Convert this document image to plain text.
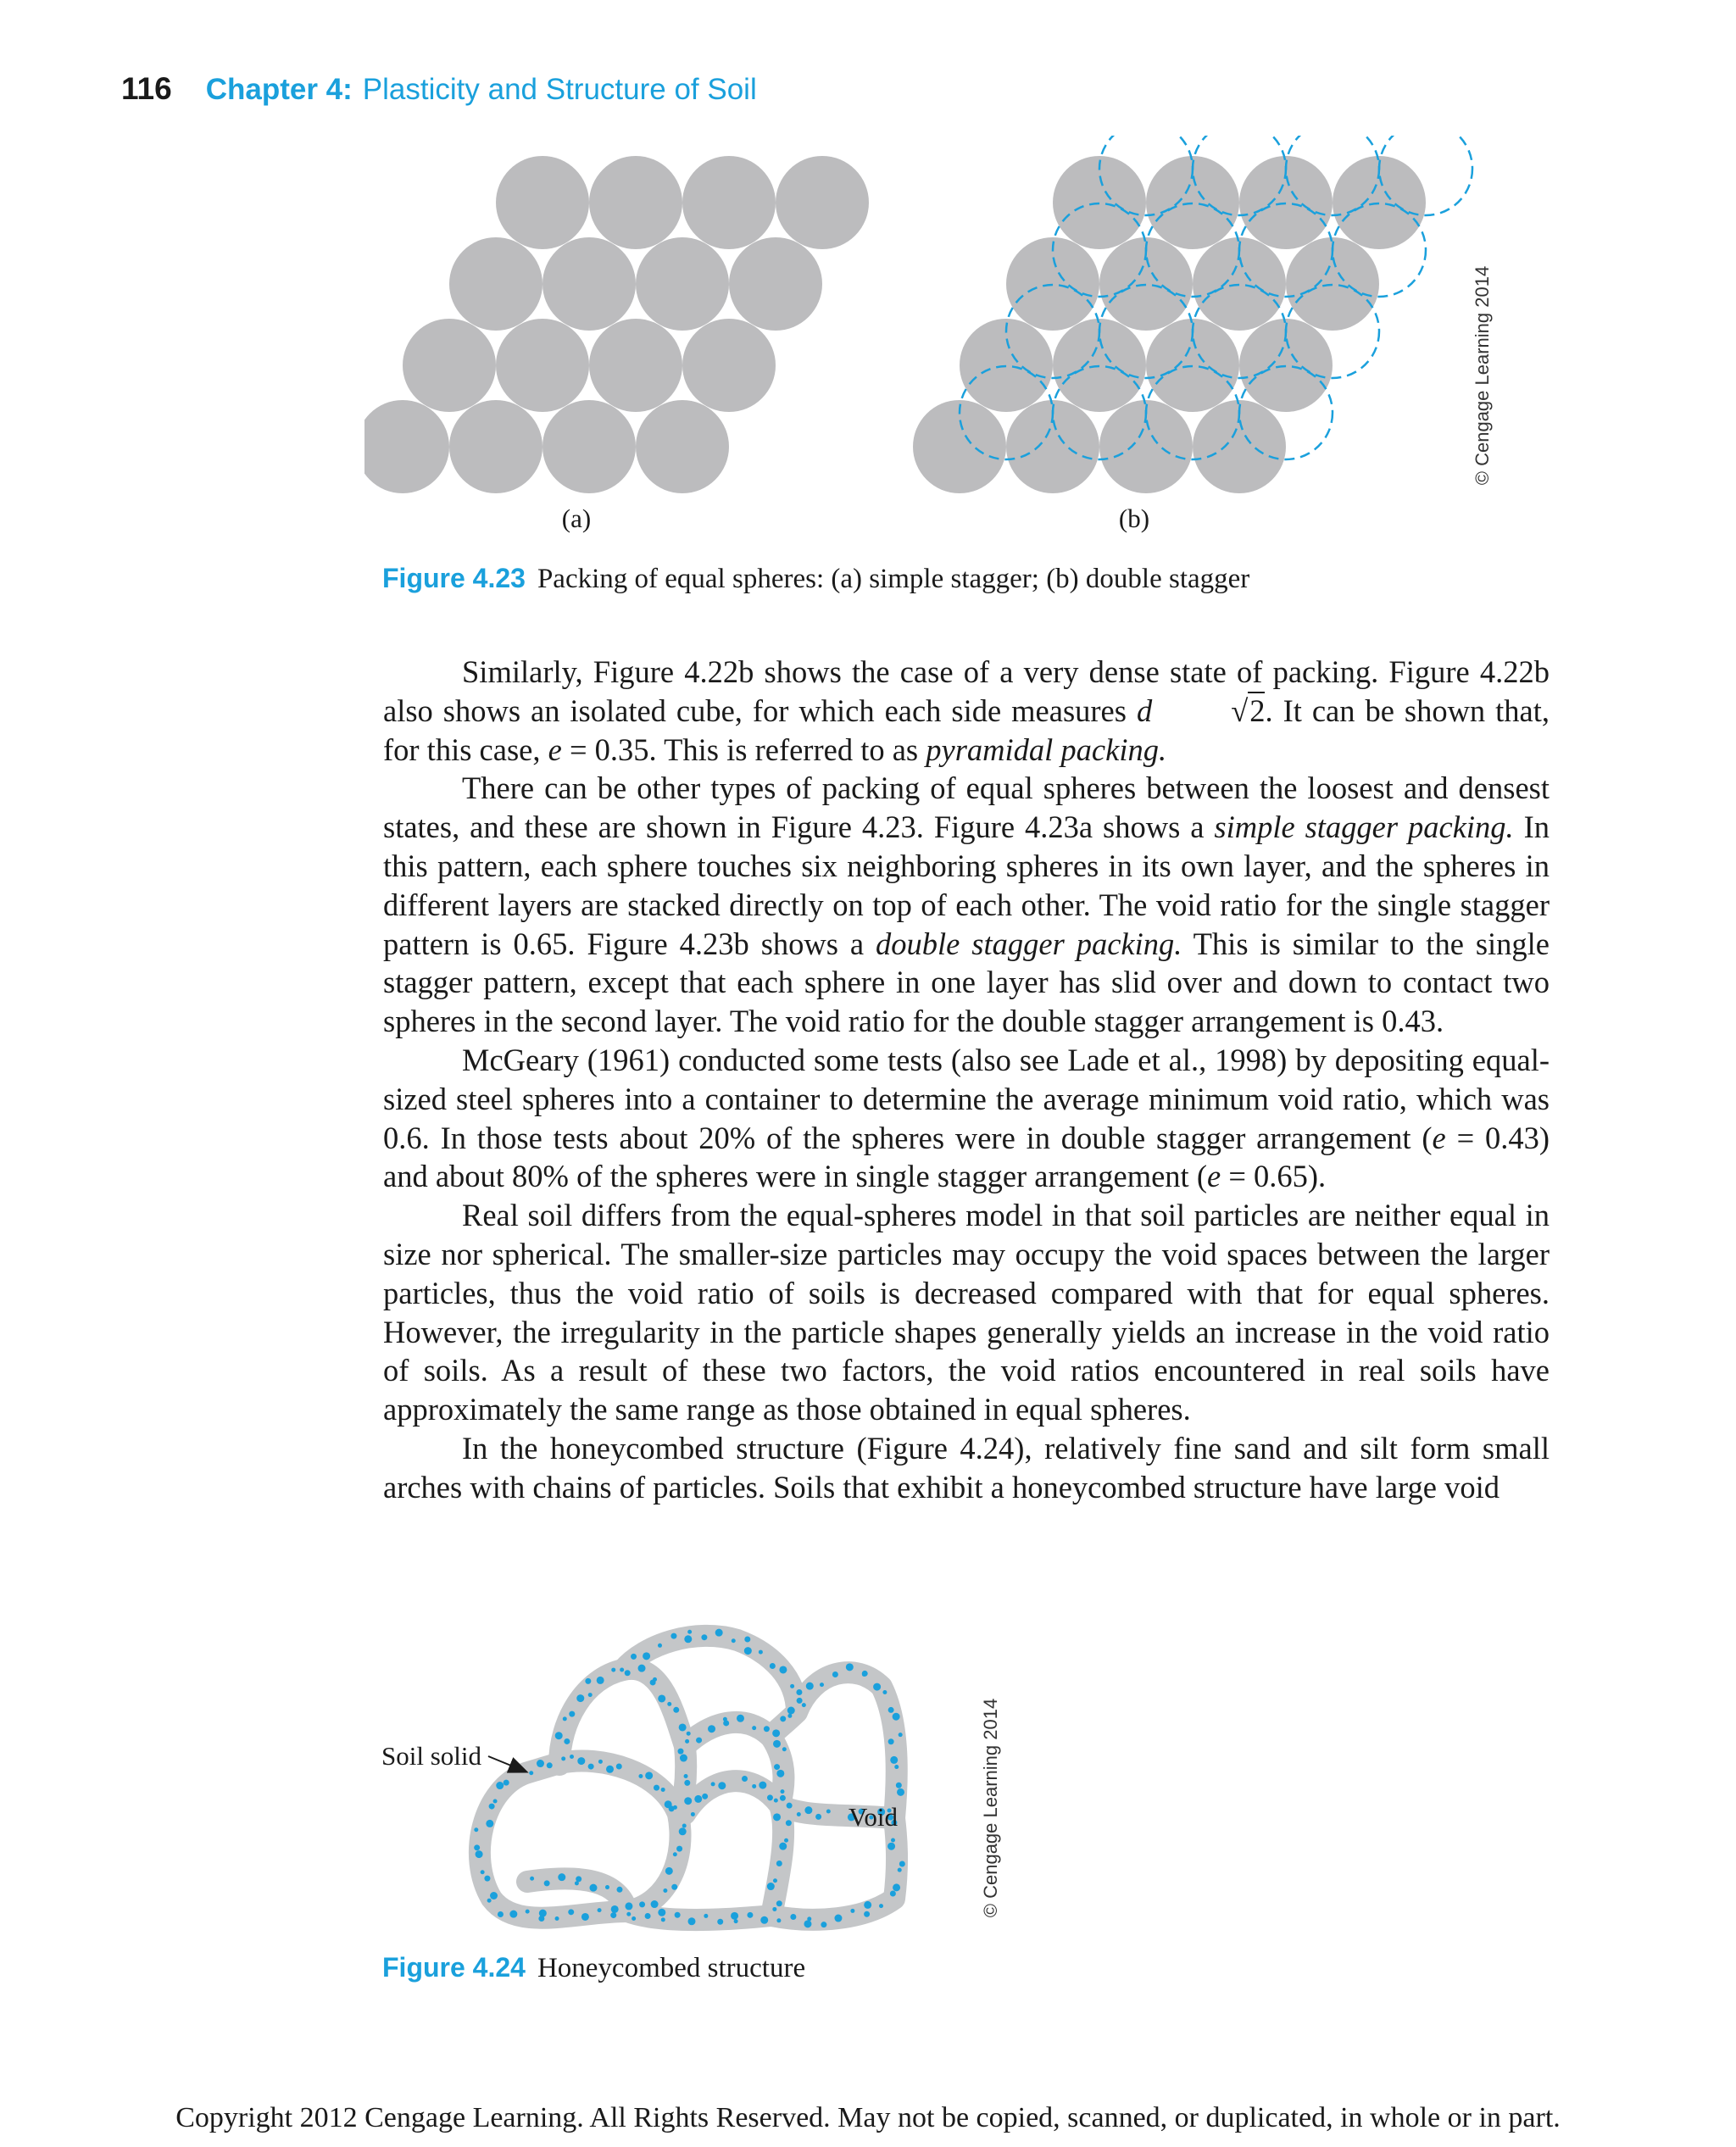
116 Chapter 4: Plasticity and Structure of Soil
(a)	(b)
© Cengage Learning 2014
Figure 4.23 Packing of equal spheres: (a) simple stagger; (b) double stagger

Similarly, Figure 4.22b shows the case of a very dense state of packing. Figure 4.22b also shows an isolated cube, for which each side measures d	√2. It can be shown that, for this case, e = 0.35. This is referred to as pyramidal packing.

There can be other types of packing of equal spheres between the loosest and densest states, and these are shown in Figure 4.23. Figure 4.23a shows a simple stagger packing. In this pattern, each sphere touches six neighboring spheres in its own layer, and the spheres in different layers are stacked directly on top of each other. The void ratio for the single stagger pattern is 0.65. Figure 4.23b shows a double stagger packing. This is similar to the single stagger pattern, except that each sphere in one layer has slid over and down to contact two spheres in the second layer. The void ratio for the double stagger arrangement is 0.43.

McGeary (1961) conducted some tests (also see Lade et al., 1998) by depositing equal-sized steel spheres into a container to determine the average minimum void ratio, which was 0.6. In those tests about 20% of the spheres were in double stagger arrangement (e = 0.43) and about 80% of the spheres were in single stagger arrangement (e = 0.65).

Real soil differs from the equal-spheres model in that soil particles are neither equal in size nor spherical. The smaller-size particles may occupy the void spaces between the larger particles, thus the void ratio of soils is decreased compared with that for equal spheres. However, the irregularity in the particle shapes generally yields an increase in the void ratio of soils. As a result of these two factors, the void ratios encountered in real soils have approximately the same range as those obtained in equal spheres.

In the honeycombed structure (Figure 4.24), relatively fine sand and silt form small arches with chains of particles. Soils that exhibit a honeycombed structure have large void

Soil solid
Void	© Cengage Learning 2014
Figure 4.24 Honeycombed structure
Copyright 2012 Cengage Learning. All Rights Reserved. May not be copied, scanned, or duplicated, in whole or in part.
